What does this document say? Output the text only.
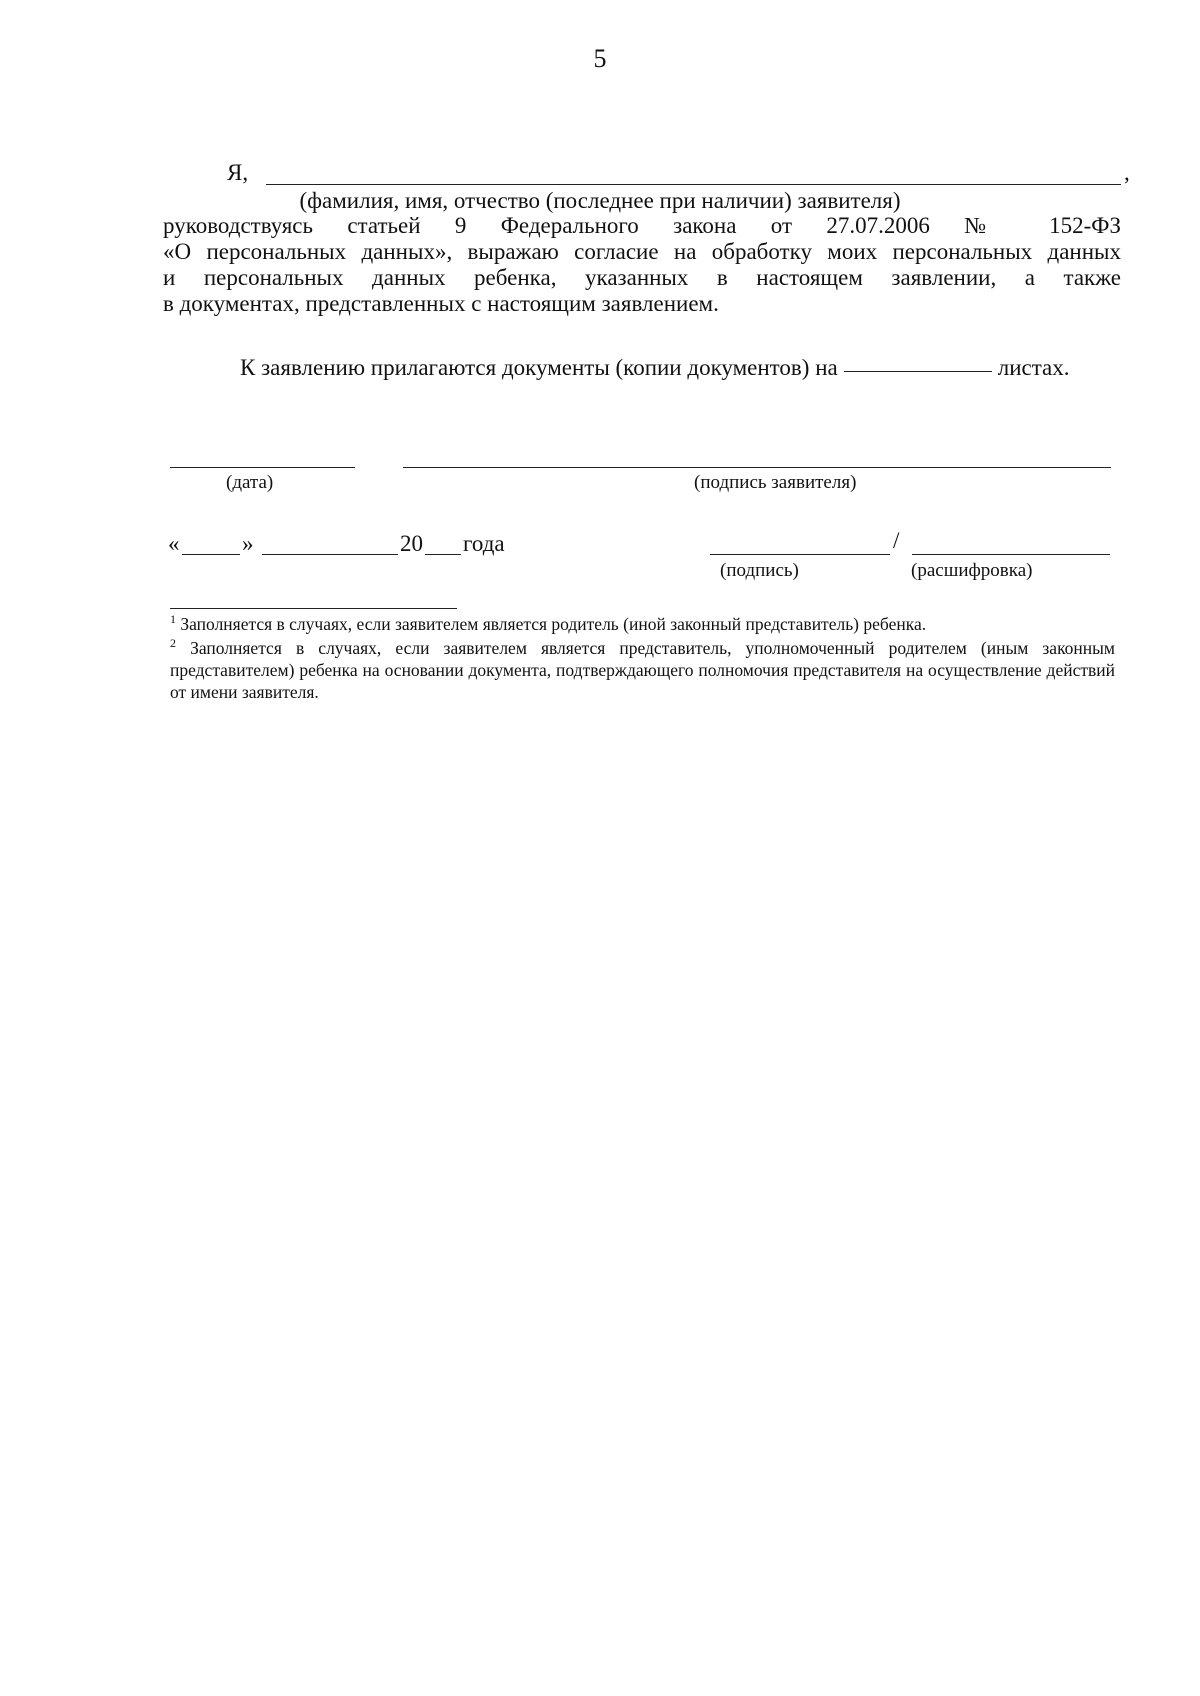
5
Я,	,
(фамилия, имя, отчество (последнее при наличии) заявителя)
руководствуясь статьей 9 Федерального закона от 27.07.2006 № 152-ФЗ
«О персональных данных», выражаю согласие на обработку моих персональных данных
и персональных данных ребенка, указанных в настоящем заявлении, а также
в документах, представленных с настоящим заявлением.
К заявлению прилагаются документы (копии документов) на	листах.
(дата)	(подпись заявителя)
«	»	20 года	/
(подпись)	(расшифровка)
$^1$ Заполняется в случаях, если заявителем является родитель (иной законный представитель) ребенка.
$^2$ Заполняется в случаях, если заявителем является представитель, уполномоченный родителем (иным законным представителем) ребенка на основании документа, подтверждающего полномочия представителя на осуществление действий от имени заявителя.
